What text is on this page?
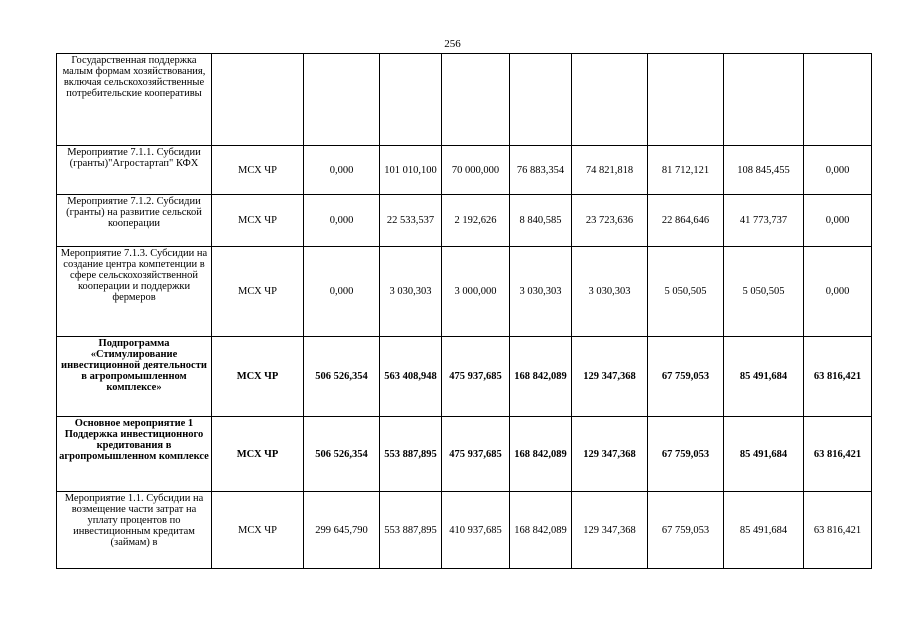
256
Государственная поддержка малым формам хозяйствования, включая сельскохозяйственные потребительские кооперативы									
Мероприятие 7.1.1. Субсидии (гранты)"Агростартап" КФХ	МСХ ЧР	0,000	101 010,100	70 000,000	76 883,354	74 821,818	81 712,121	108 845,455	0,000
Мероприятие 7.1.2. Субсидии (гранты) на развитие сельской кооперации	МСХ ЧР	0,000	22 533,537	2 192,626	8 840,585	23 723,636	22 864,646	41 773,737	0,000
Мероприятие 7.1.3. Субсидии на создание центра компетенции в сфере сельскохозяйственной кооперации и поддержки фермеров	МСХ ЧР	0,000	3 030,303	3 000,000	3 030,303	3 030,303	5 050,505	5 050,505	0,000
Подпрограмма «Стимулирование инвестиционной деятельности в агропромышленном комплексе»	МСХ ЧР	506 526,354	563 408,948	475 937,685	168 842,089	129 347,368	67 759,053	85 491,684	63 816,421
Основное мероприятие 1 Поддержка инвестиционного кредитования в агропромышленном комплексе	МСХ ЧР	506 526,354	553 887,895	475 937,685	168 842,089	129 347,368	67 759,053	85 491,684	63 816,421
Мероприятие 1.1. Субсидии на возмещение части затрат на уплату процентов по инвестиционным кредитам (займам) в	МСХ ЧР	299 645,790	553 887,895	410 937,685	168 842,089	129 347,368	67 759,053	85 491,684	63 816,421
